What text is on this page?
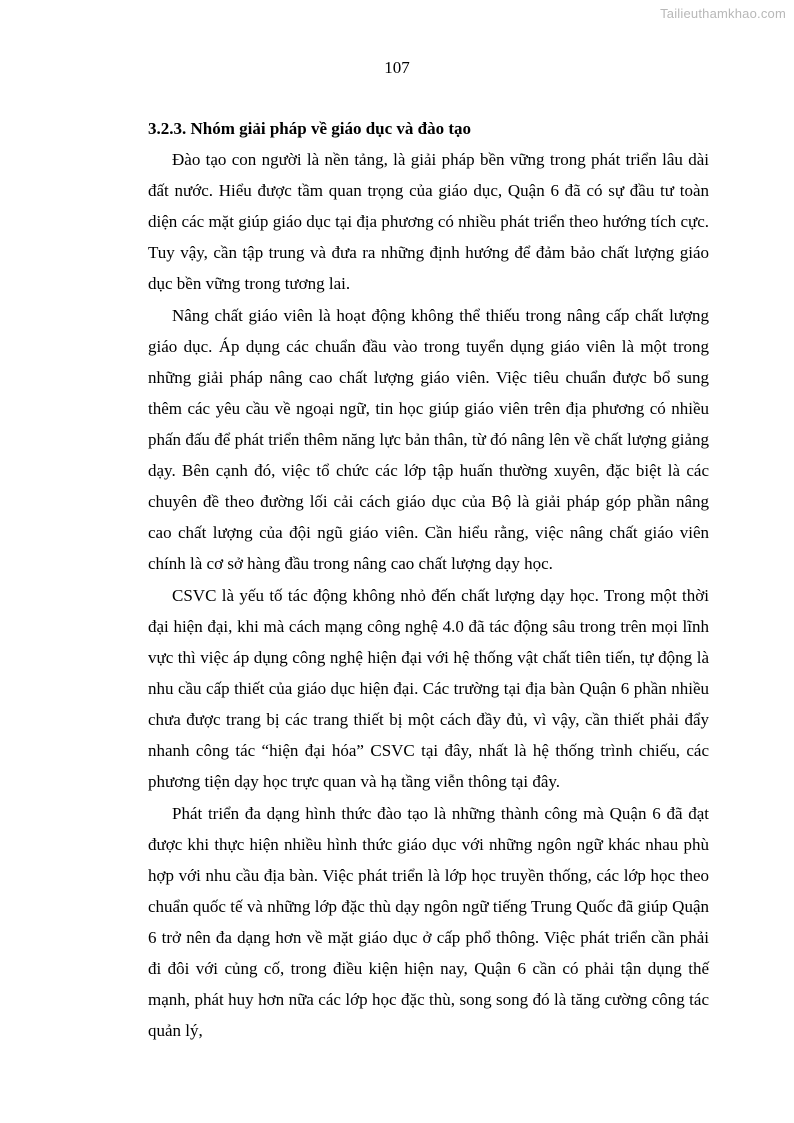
Tailieuthamkhao.com
107

3.2.3. Nhóm giải pháp về giáo dục và đào tạo

Đào tạo con người là nền tảng, là giải pháp bền vững trong phát triển lâu dài đất nước. Hiểu được tầm quan trọng của giáo dục, Quận 6 đã có sự đầu tư toàn diện các mặt giúp giáo dục tại địa phương có nhiều phát triển theo hướng tích cực. Tuy vậy, cần tập trung và đưa ra những định hướng để đảm bảo chất lượng giáo dục bền vững trong tương lai.

Nâng chất giáo viên là hoạt động không thể thiếu trong nâng cấp chất lượng giáo dục. Áp dụng các chuẩn đầu vào trong tuyển dụng giáo viên là một trong những giải pháp nâng cao chất lượng giáo viên. Việc tiêu chuẩn được bổ sung thêm các yêu cầu về ngoại ngữ, tin học giúp giáo viên trên địa phương có nhiều phấn đấu để phát triển thêm năng lực bản thân, từ đó nâng lên về chất lượng giảng dạy. Bên cạnh đó, việc tổ chức các lớp tập huấn thường xuyên, đặc biệt là các chuyên đề theo đường lối cải cách giáo dục của Bộ là giải pháp góp phần nâng cao chất lượng của đội ngũ giáo viên. Cần hiểu rằng, việc nâng chất giáo viên chính là cơ sở hàng đầu trong nâng cao chất lượng dạy học.

CSVC là yếu tố tác động không nhỏ đến chất lượng dạy học. Trong một thời đại hiện đại, khi mà cách mạng công nghệ 4.0 đã tác động sâu trong trên mọi lĩnh vực thì việc áp dụng công nghệ hiện đại với hệ thống vật chất tiên tiến, tự động là nhu cầu cấp thiết của giáo dục hiện đại. Các trường tại địa bàn Quận 6 phần nhiều chưa được trang bị các trang thiết bị một cách đầy đủ, vì vậy, cần thiết phải đẩy nhanh công tác “hiện đại hóa” CSVC tại đây, nhất là hệ thống trình chiếu, các phương tiện dạy học trực quan và hạ tầng viễn thông tại đây.

Phát triển đa dạng hình thức đào tạo là những thành công mà Quận 6 đã đạt được khi thực hiện nhiều hình thức giáo dục với những ngôn ngữ khác nhau phù hợp với nhu cầu địa bàn. Việc phát triển là lớp học truyền thống, các lớp học theo chuẩn quốc tế và những lớp đặc thù dạy ngôn ngữ tiếng Trung Quốc đã giúp Quận 6 trở nên đa dạng hơn về mặt giáo dục ở cấp phổ thông. Việc phát triển cần phải đi đôi với củng cố, trong điều kiện hiện nay, Quận 6 cần có phải tận dụng thế mạnh, phát huy hơn nữa các lớp học đặc thù, song song đó là tăng cường công tác quản lý,
